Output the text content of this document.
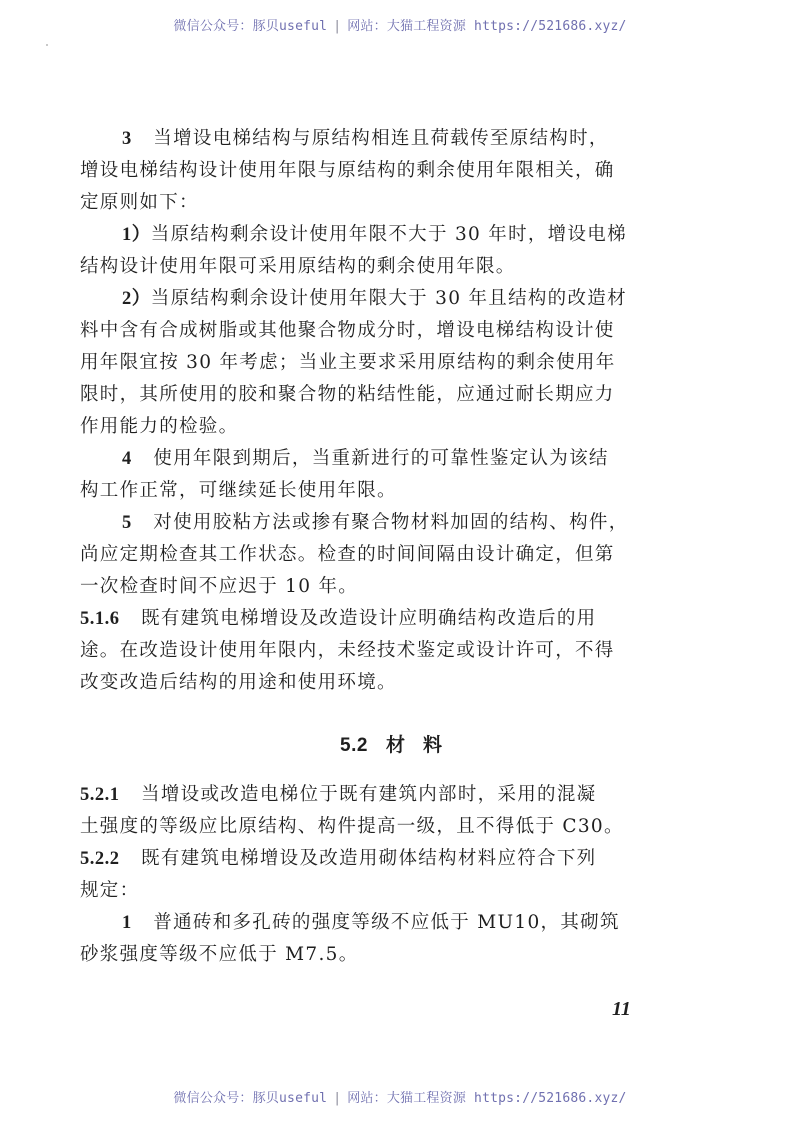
微信公众号：豚贝useful | 网站：大猫工程资源 https://521686.xyz/
3 当增设电梯结构与原结构相连且荷载传至原结构时，
增设电梯结构设计使用年限与原结构的剩余使用年限相关，确
定原则如下：
1）当原结构剩余设计使用年限不大于 30 年时，增设电梯
结构设计使用年限可采用原结构的剩余使用年限。
2）当原结构剩余设计使用年限大于 30 年且结构的改造材
料中含有合成树脂或其他聚合物成分时，增设电梯结构设计使
用年限宜按 30 年考虑；当业主要求采用原结构的剩余使用年
限时，其所使用的胶和聚合物的粘结性能，应通过耐长期应力
作用能力的检验。
4 使用年限到期后，当重新进行的可靠性鉴定认为该结
构工作正常，可继续延长使用年限。
5 对使用胶粘方法或掺有聚合物材料加固的结构、构件，
尚应定期检查其工作状态。检查的时间间隔由设计确定，但第
一次检查时间不应迟于 10 年。
5.1.6 既有建筑电梯增设及改造设计应明确结构改造后的用
途。在改造设计使用年限内，未经技术鉴定或设计许可，不得
改变改造后结构的用途和使用环境。
5.2 材料
5.2.1 当增设或改造电梯位于既有建筑内部时，采用的混凝
土强度的等级应比原结构、构件提高一级，且不得低于 C30。
5.2.2 既有建筑电梯增设及改造用砌体结构材料应符合下列
规定：
1 普通砖和多孔砖的强度等级不应低于 MU10，其砌筑
砂浆强度等级不应低于 M7.5。
11
微信公众号：豚贝useful | 网站：大猫工程资源 https://521686.xyz/
